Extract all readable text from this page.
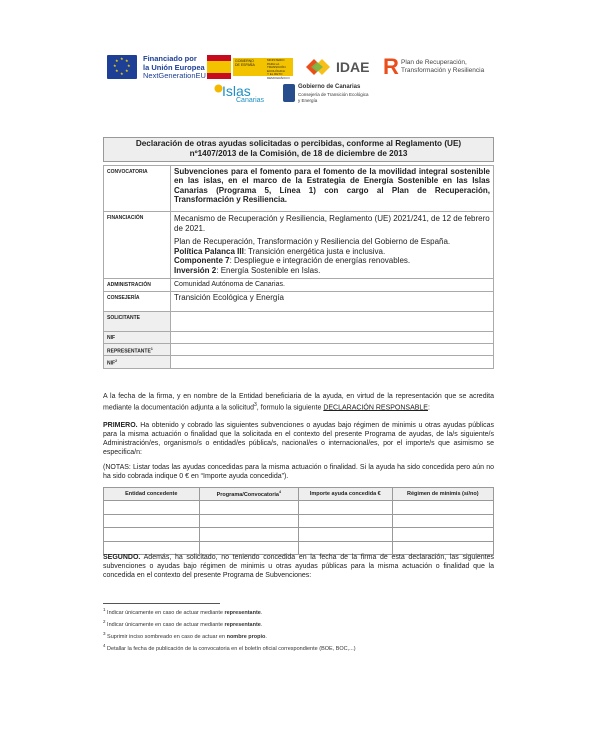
★ ★
★
★
★
★
★
★	Financiado por
la Unión Europea
NextGenerationEU
GOBIERNO
DE ESPAÑA
MINISTERIO
PARA LA TRANSICIÓN ECOLÓGICA
Y EL RETO DEMOGRÁFICO
IDAE R Plan de Recuperación,
Transformación y Resiliencia
Islas
Canarias
Gobierno de Canarias
Consejería de Transición Ecológica
y Energía
Declaración de otras ayudas solicitadas o percibidas, conforme al Reglamento (UE)
nº1407/2013 de la Comisión, de 18 de diciembre de 2013
CONVOCATORIA	Subvenciones para el fomento para el fomento de la movilidad integral sostenible en las islas, en el marco de la Estrategia de Energía Sostenible en las Islas Canarias (Programa 5, Línea 1) con cargo al Plan de Recuperación, Transformación y Resiliencia.

FINANCIACIÓN	Mecanismo de Recuperación y Resiliencia, Reglamento (UE) 2021/241, de 12 de febrero de 2021.
Plan de Recuperación, Transformación y Resiliencia del Gobierno de España.
Política Palanca III: Transición energética justa e inclusiva.
Componente 7: Despliegue e integración de energías renovables.
Inversión 2: Energía Sostenible en Islas.

ADMINISTRACIÓN	Comunidad Autónoma de Canarias.
CONSEJERÍA	Transición Ecológica y Energía
SOLICITANTE	
NIF	
REPRESENTANTE$^1$	
NIF$^2$	
A la fecha de la firma, y en nombre de la Entidad beneficiaria de la ayuda, en virtud de la representación que se acredita mediante la documentación adjunta a la solicitud$^3$, formulo la siguiente DECLARACIÓN RESPONSABLE:
PRIMERO. Ha obtenido y cobrado las siguientes subvenciones o ayudas bajo régimen de minimis u otras ayudas públicas para la misma actuación o finalidad que la solicitada en el contexto del presente Programa de ayudas, de la/s siguiente/s Administración/es, organismo/s o entidad/es pública/s, nacional/es o internacional/es, por el importe/s que asimismo se especifica/n:
(NOTAS: Listar todas las ayudas concedidas para la misma actuación o finalidad. Si la ayuda ha sido concedida pero aún no ha sido cobrada indique 0 € en “Importe ayuda concedida”).
Entidad concedente	Programa/Convocatoria$^4$	Importe ayuda concedida €	Régimen de minimis (sí/no)

SEGUNDO. Además, ha solicitado, no teniendo concedida en la fecha de la firma de esta declaración, las siguientes subvenciones o ayudas bajo régimen de minimis u otras ayudas públicas para la misma actuación o finalidad que la concedida en el contexto del presente Programa de Subvenciones:
$^1$ Indicar únicamente en caso de actuar mediante representante.
$^2$ Indicar únicamente en caso de actuar mediante representante.
$^3$ Suprimir inciso sombreado en caso de actuar en nombre propio.
$^4$ Detallar la fecha de publicación de la convocatoria en el boletín oficial correspondiente (BOE, BOC,...)
